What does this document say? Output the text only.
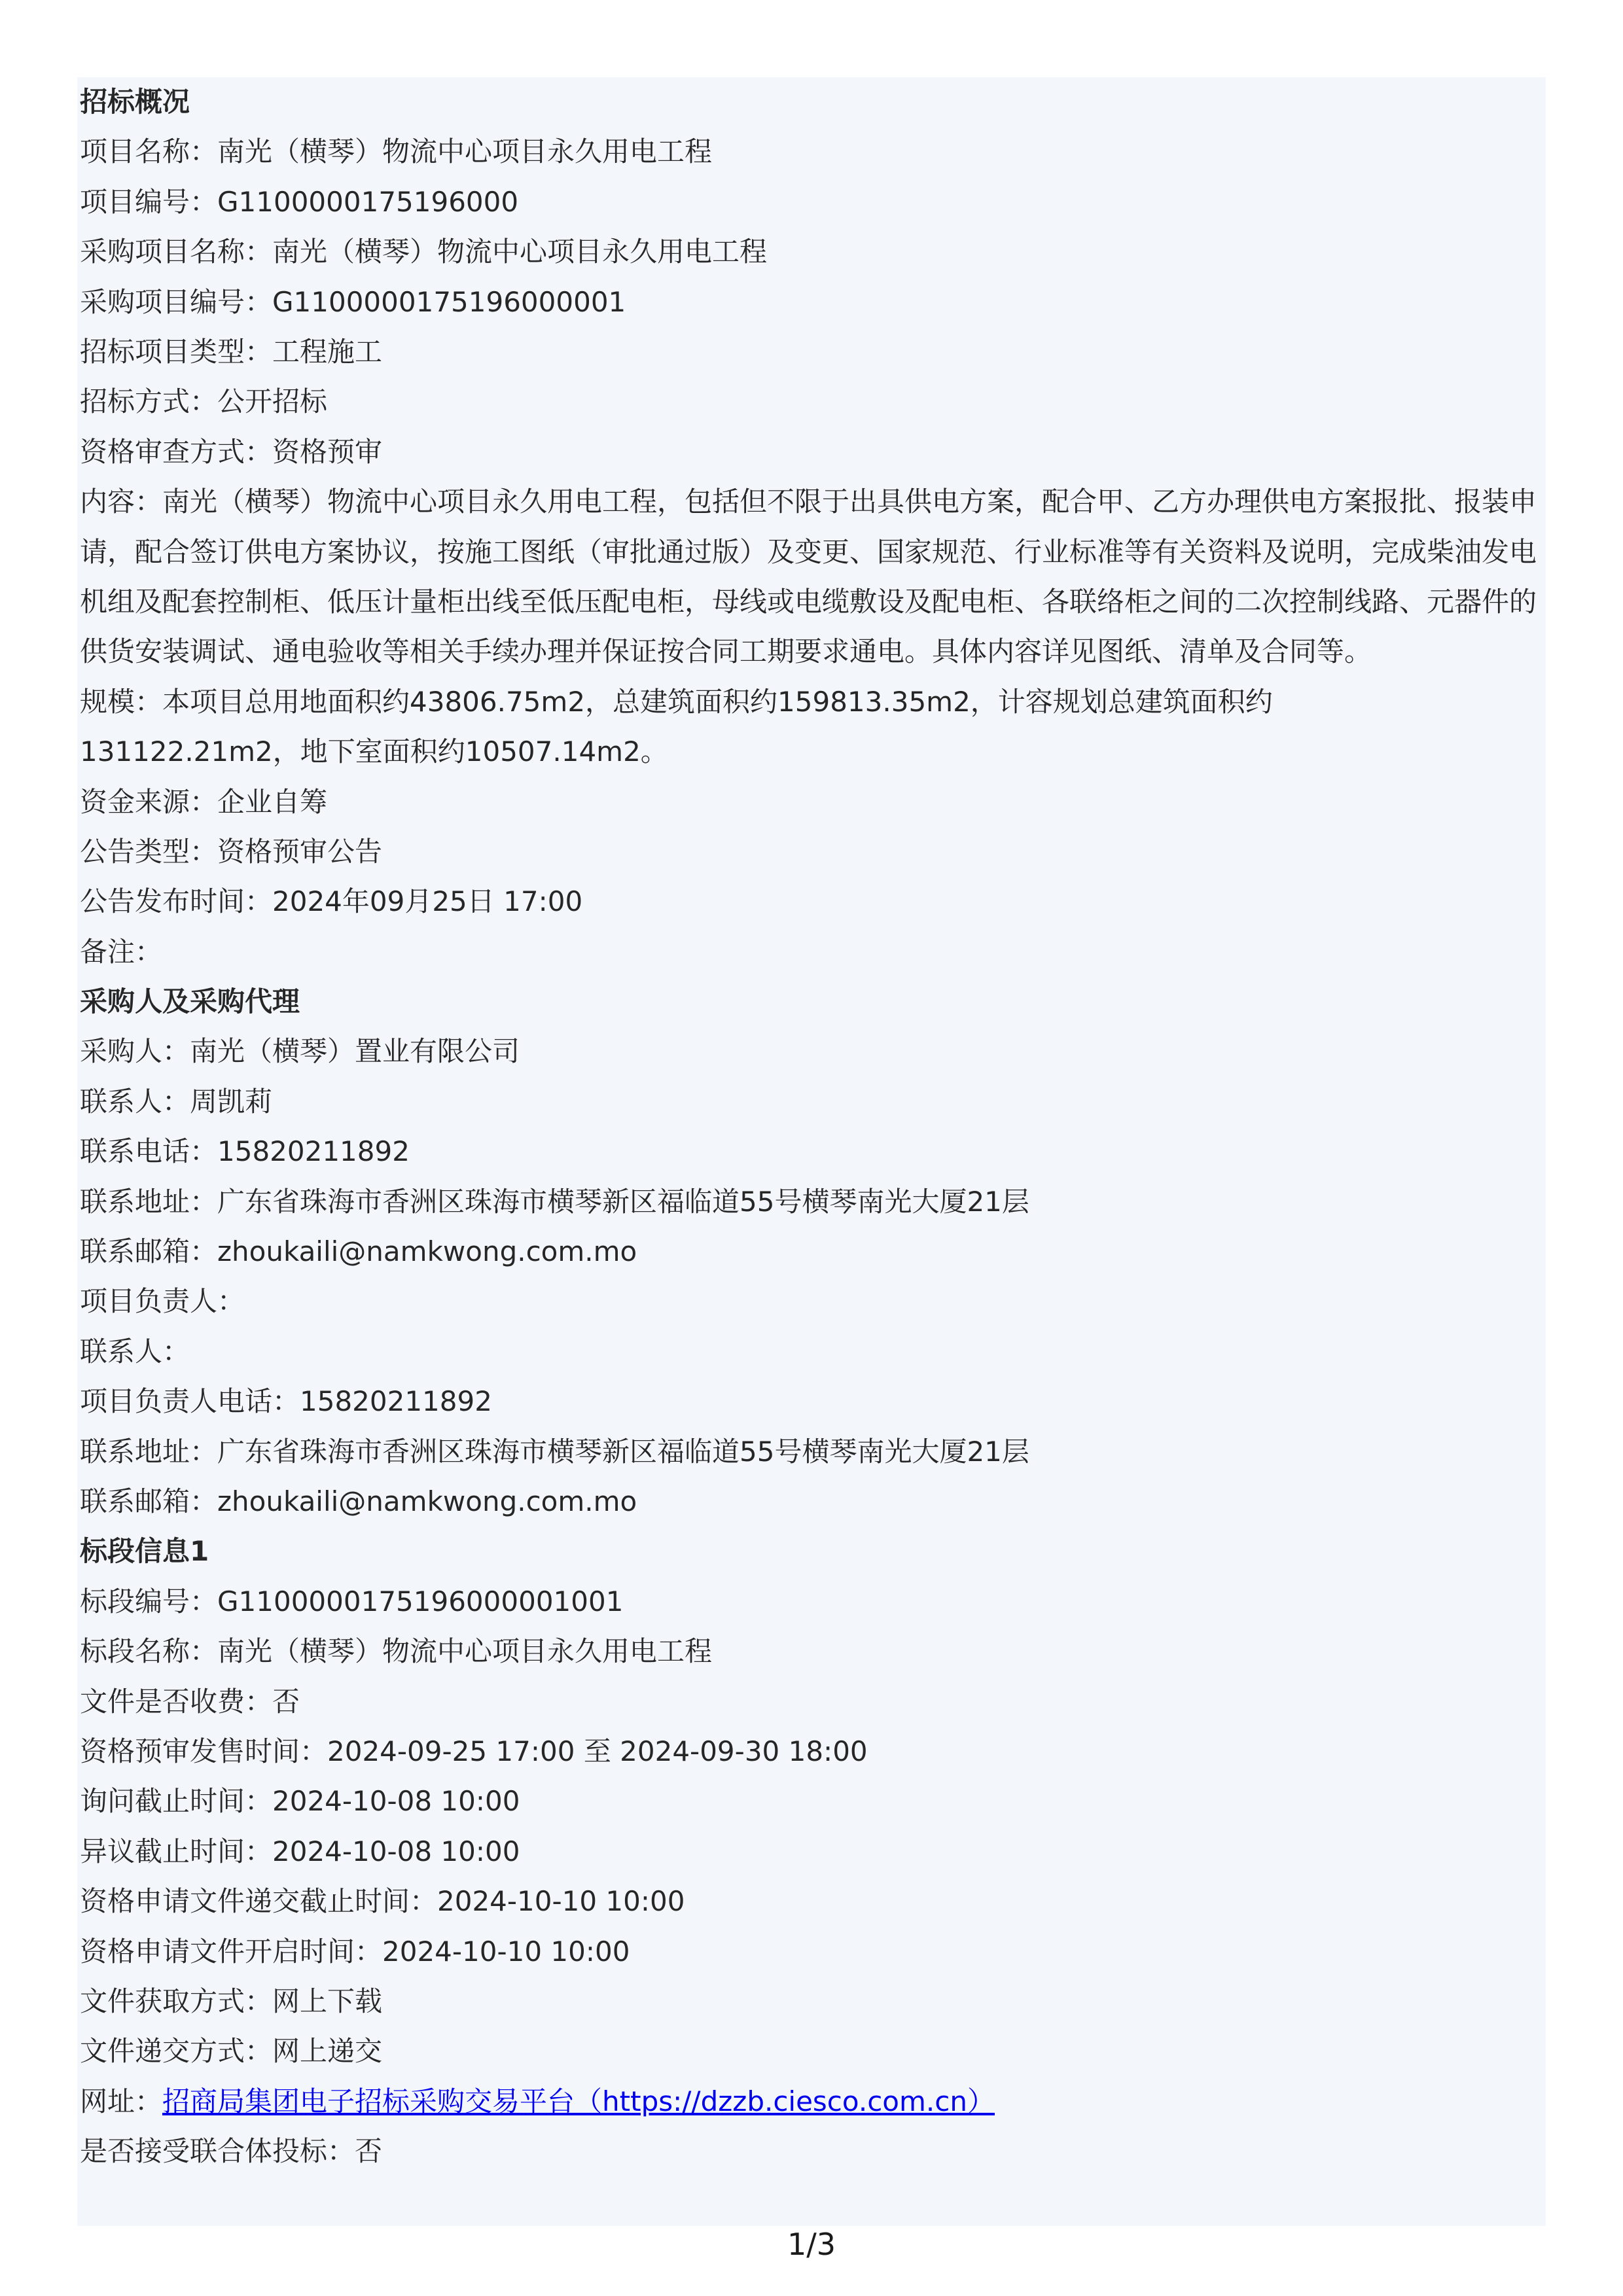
招标概况
项目名称：南光（横琴）物流中心项目永久用电工程
项目编号：G1100000175196000
采购项目名称：南光（横琴）物流中心项目永久用电工程
采购项目编号：G1100000175196000001
招标项目类型：工程施工
招标方式：公开招标
资格审查方式：资格预审
内容：南光（横琴）物流中心项目永久用电工程，包括但不限于出具供电方案，配合甲、乙方办理供电方案报批、报装申请，配合签订供电方案协议，按施工图纸（审批通过版）及变更、国家规范、行业标准等有关资料及说明，完成柴油发电机组及配套控制柜、低压计量柜出线至低压配电柜，母线或电缆敷设及配电柜、各联络柜之间的二次控制线路、元器件的供货安装调试、通电验收等相关手续办理并保证按合同工期要求通电。具体内容详见图纸、清单及合同等。
规模：本项目总用地面积约43806.75m2，总建筑面积约159813.35m2，计容规划总建筑面积约
131122.21m2，地下室面积约10507.14m2。
资金来源：企业自筹
公告类型：资格预审公告
公告发布时间：2024年09月25日 17:00
备注：
采购人及采购代理
采购人：南光（横琴）置业有限公司
联系人：周凯莉
联系电话：15820211892
联系地址：广东省珠海市香洲区珠海市横琴新区福临道55号横琴南光大厦21层
联系邮箱：zhoukaili@namkwong.com.mo
项目负责人：
联系人：
项目负责人电话：15820211892
联系地址：广东省珠海市香洲区珠海市横琴新区福临道55号横琴南光大厦21层
联系邮箱：zhoukaili@namkwong.com.mo
标段信息1
标段编号：G1100000175196000001001
标段名称：南光（横琴）物流中心项目永久用电工程
文件是否收费：否
资格预审发售时间：2024-09-25 17:00 至 2024-09-30 18:00
询问截止时间：2024-10-08 10:00
异议截止时间：2024-10-08 10:00
资格申请文件递交截止时间：2024-10-10 10:00
资格申请文件开启时间：2024-10-10 10:00
文件获取方式：网上下载
文件递交方式：网上递交
网址：招商局集团电子招标采购交易平台（https://dzzb.ciesco.com.cn）
是否接受联合体投标：否
1/3
